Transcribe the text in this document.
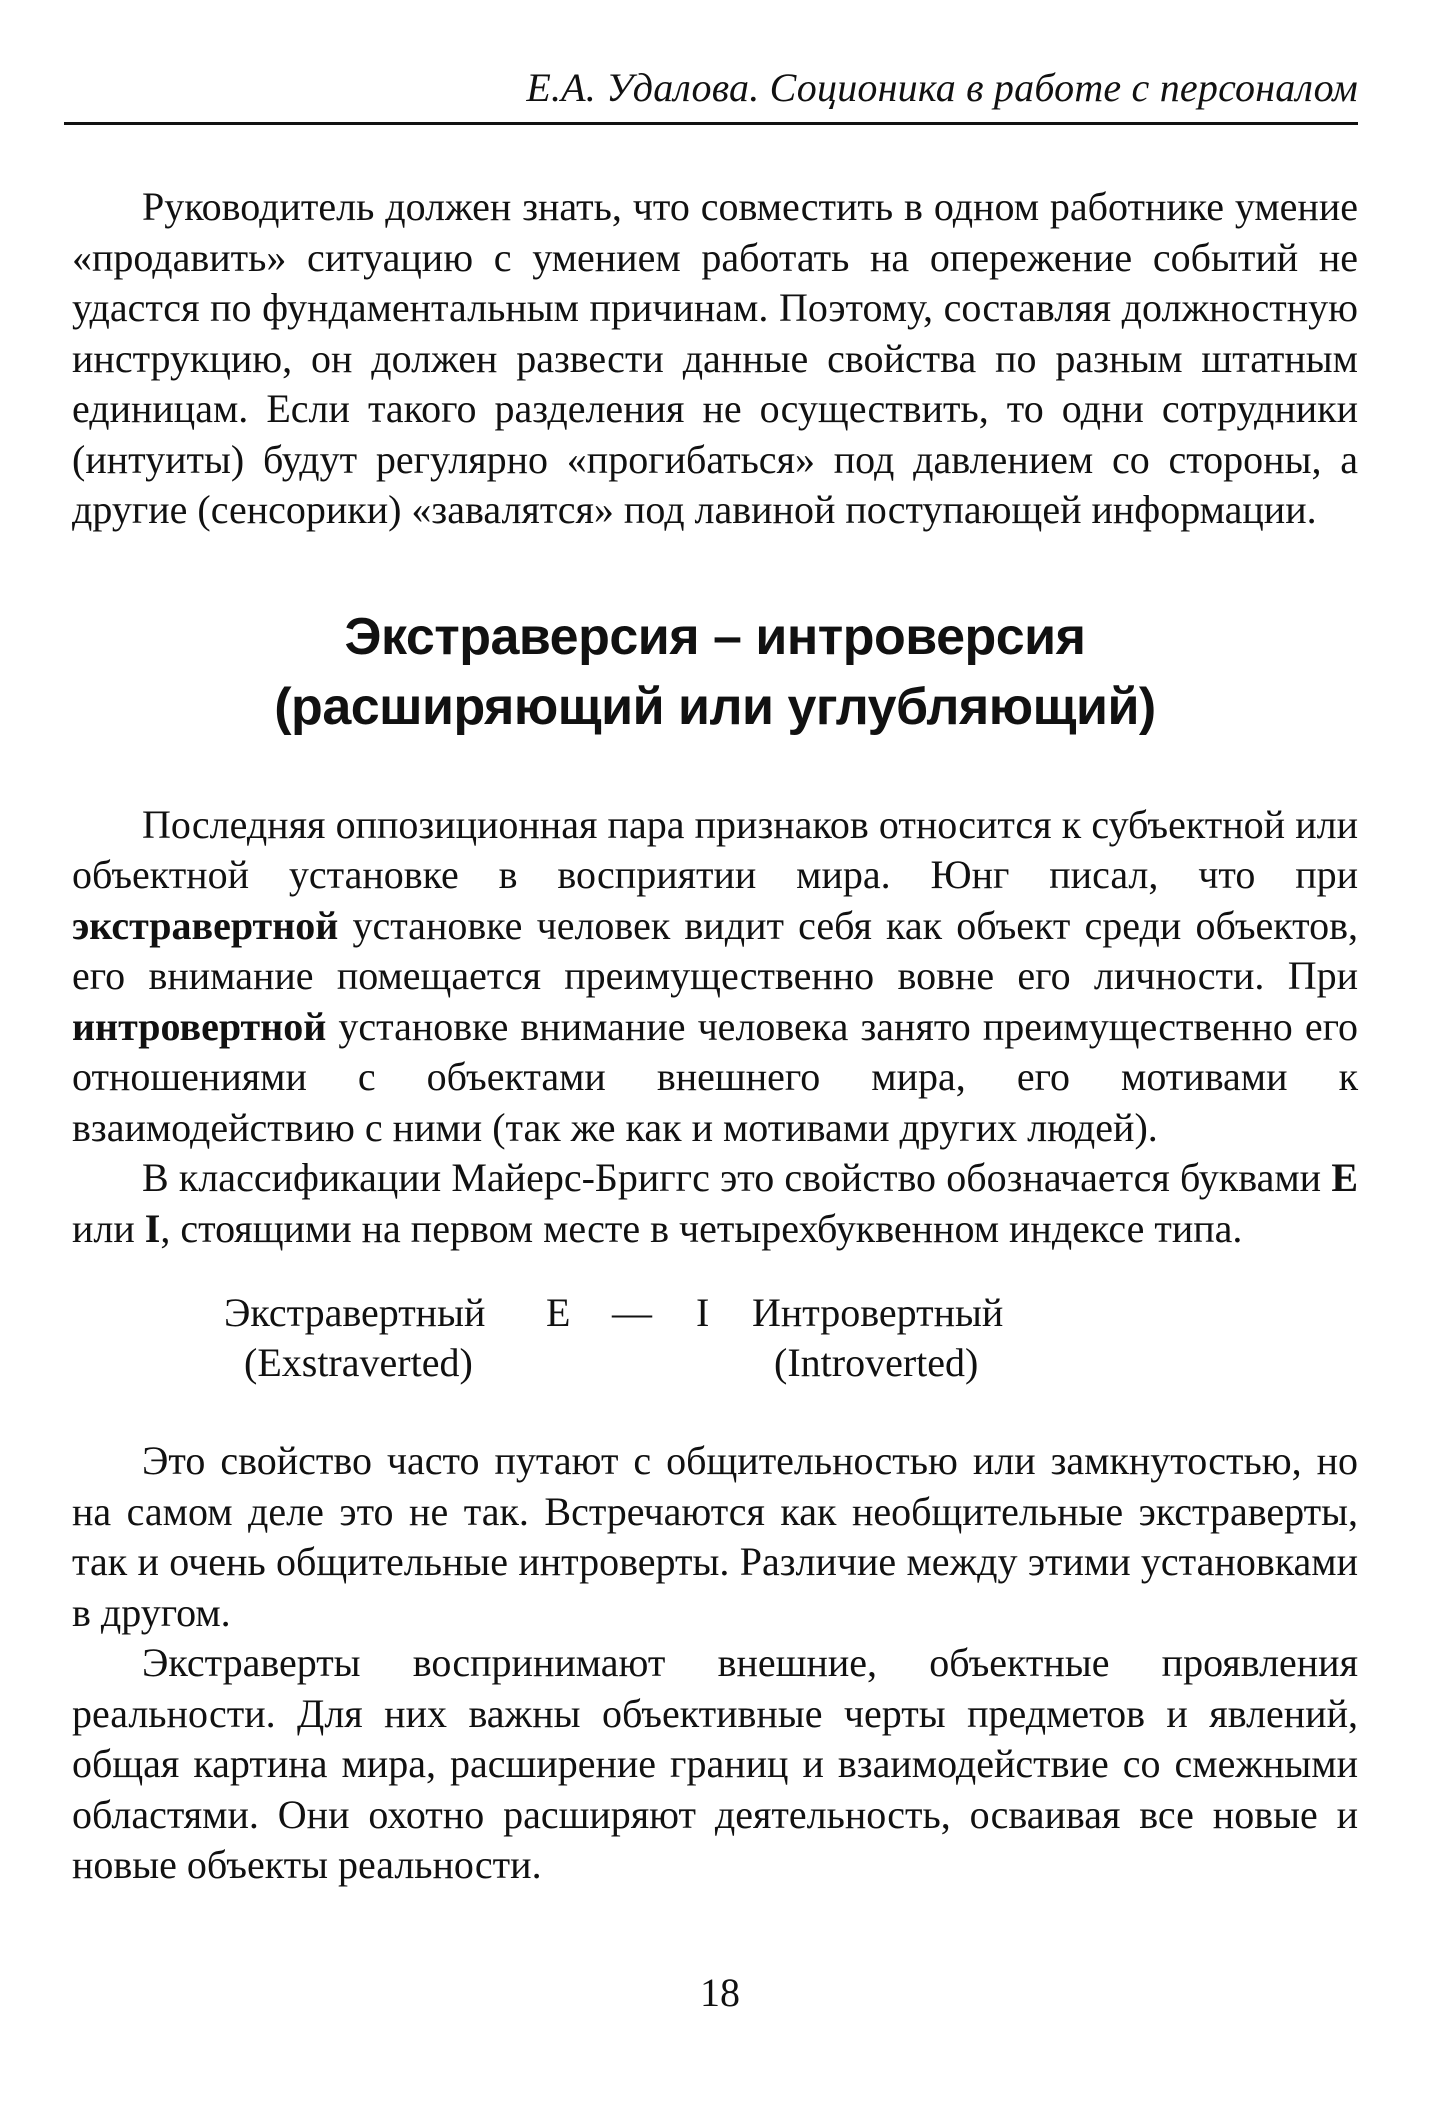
Е.А. Удалова. Соционика в работе с персоналом

Руководитель должен знать, что совместить в одном работнике умение «продавить» ситуацию с умением работать на опережение событий не удастся по фундаментальным причинам. Поэтому, составляя должностную инструкцию, он должен развести данные свойства по разным штатным единицам. Если такого разделения не осуществить, то одни сотрудники (интуиты) будут регулярно «прогибаться» под давлением со стороны, а другие (сенсорики) «завалятся» под лавиной поступающей информации.

Экстраверсия – интроверсия
(расширяющий или углубляющий)

Последняя оппозиционная пара признаков относится к субъектной или объектной установке в восприятии мира. Юнг писал, что при экстравертной установке человек видит себя как объект среди объектов, его внимание помещается преимущественно вовне его личности. При интровертной установке внимание человека занято преимущественно его отношениями с объектами внешнего мира, его мотивами к взаимодействию с ними (так же как и мотивами других людей).

В классификации Майерс-Бриггс это свойство обозначается буквами Е или I, стоящими на первом месте в четырехбуквенном индексе типа.

Экстравертный E — I Интровертный
(Exstraverted)	(Introverted)

Это свойство часто путают с общительностью или замкнутостью, но на самом деле это не так. Встречаются как необщительные экстраверты, так и очень общительные интроверты. Различие между этими установками в другом.

Экстраверты воспринимают внешние, объектные проявления реальности. Для них важны объективные черты предметов и явлений, общая картина мира, расширение границ и взаимодействие со смежными областями. Они охотно расширяют деятельность, осваивая все новые и новые объекты реальности.

18
